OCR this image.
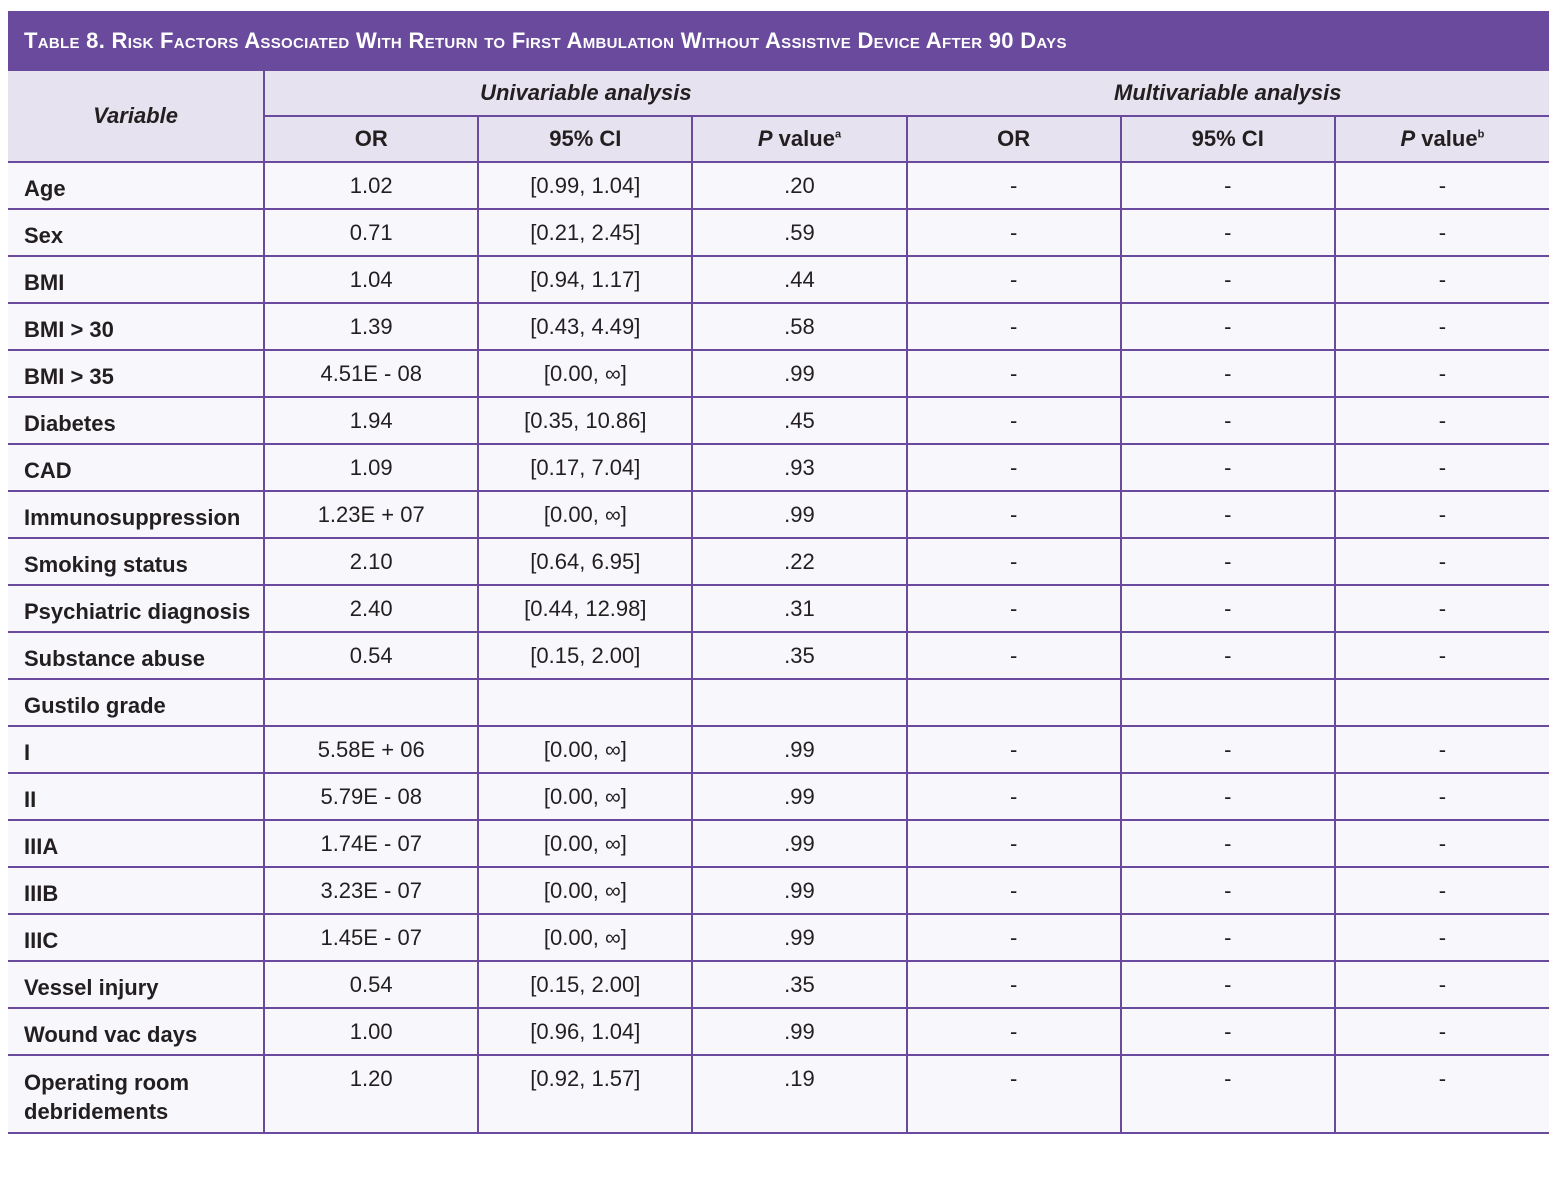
Table 8. Risk Factors Associated With Return to First Ambulation Without Assistive Device After 90 Days
Variable	Univariable analysis			Multivariable analysis		
	OR	95% CI	P value$^a$	OR	95% CI	P value$^b$
Age	1.02	[0.99, 1.04]	.20	-	-	-
Sex	0.71	[0.21, 2.45]	.59	-	-	-
BMI	1.04	[0.94, 1.17]	.44	-	-	-
BMI > 30	1.39	[0.43, 4.49]	.58	-	-	-
BMI > 35	4.51E - 08	[0.00, ∞]	.99	-	-	-
Diabetes	1.94	[0.35, 10.86]	.45	-	-	-
CAD	1.09	[0.17, 7.04]	.93	-	-	-
Immunosuppression	1.23E + 07	[0.00, ∞]	.99	-	-	-
Smoking status	2.10	[0.64, 6.95]	.22	-	-	-
Psychiatric diagnosis	2.40	[0.44, 12.98]	.31	-	-	-
Substance abuse	0.54	[0.15, 2.00]	.35	-	-	-
Gustilo grade						
I	5.58E + 06	[0.00, ∞]	.99	-	-	-
II	5.79E - 08	[0.00, ∞]	.99	-	-	-
IIIA	1.74E - 07	[0.00, ∞]	.99	-	-	-
IIIB	3.23E - 07	[0.00, ∞]	.99	-	-	-
IIIC	1.45E - 07	[0.00, ∞]	.99	-	-	-
Vessel injury	0.54	[0.15, 2.00]	.35	-	-	-
Wound vac days	1.00	[0.96, 1.04]	.99	-	-	-
Operating room debridements	1.20	[0.92, 1.57]	.19	-	-	-
